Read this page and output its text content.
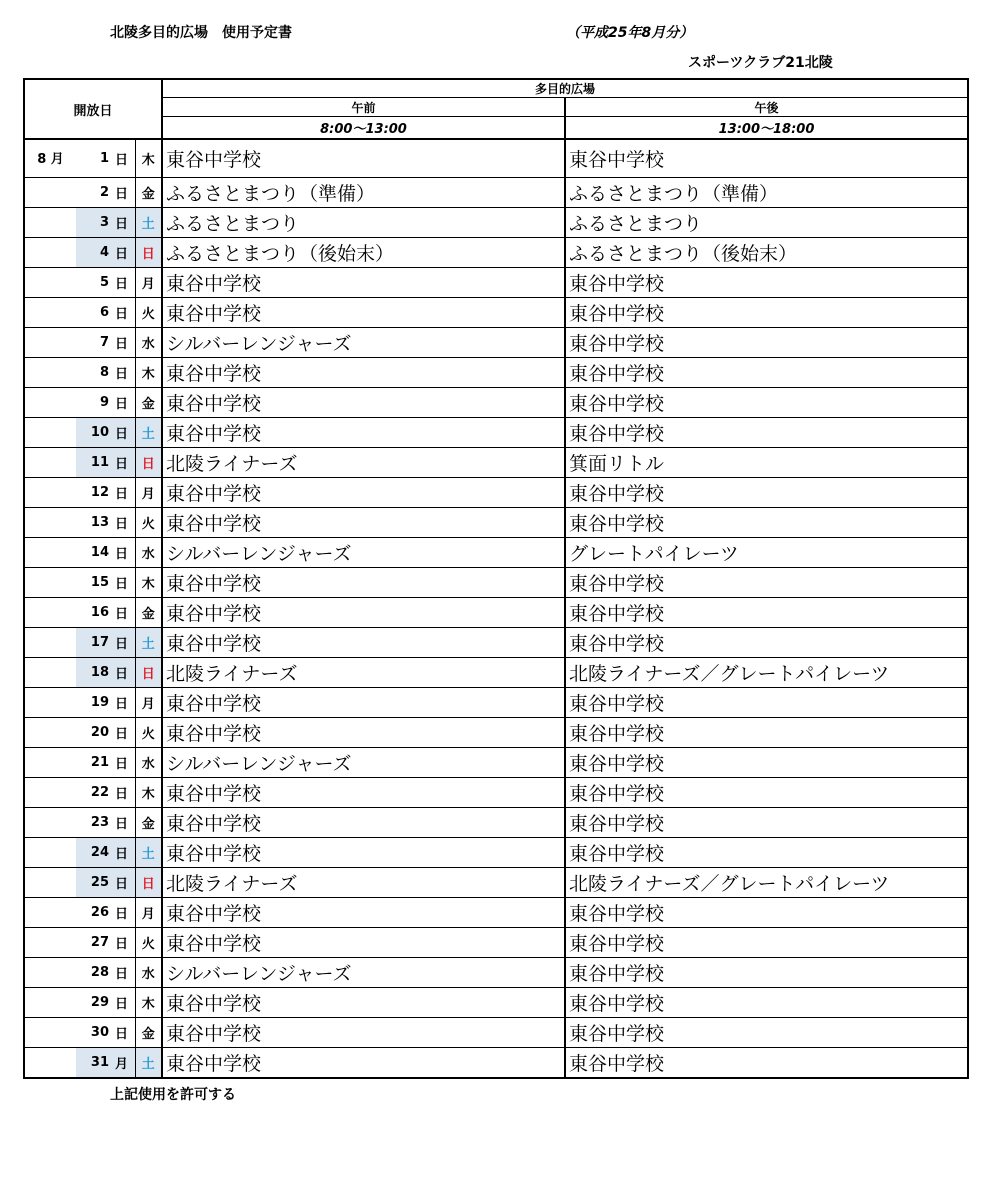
北陵多目的広場　使用予定書	（平成25年8月分）
スポーツクラブ21北陵
開放日				多目的広場	
				午前	午後
				8:00～13:00	13:00～18:00
8 月	1	日	木	東谷中学校	東谷中学校
	2	日	金	ふるさとまつり（準備）	ふるさとまつり（準備）
	3	日	土	ふるさとまつり	ふるさとまつり
	4	日	日	ふるさとまつり（後始末）	ふるさとまつり（後始末）
	5	日	月	東谷中学校	東谷中学校
	6	日	火	東谷中学校	東谷中学校
	7	日	水	シルバーレンジャーズ	東谷中学校
	8	日	木	東谷中学校	東谷中学校
	9	日	金	東谷中学校	東谷中学校
	10	日	土	東谷中学校	東谷中学校
	11	日	日	北陵ライナーズ	箕面リトル
	12	日	月	東谷中学校	東谷中学校
	13	日	火	東谷中学校	東谷中学校
	14	日	水	シルバーレンジャーズ	グレートパイレーツ
	15	日	木	東谷中学校	東谷中学校
	16	日	金	東谷中学校	東谷中学校
	17	日	土	東谷中学校	東谷中学校
	18	日	日	北陵ライナーズ	北陵ライナーズ／グレートパイレーツ
	19	日	月	東谷中学校	東谷中学校
	20	日	火	東谷中学校	東谷中学校
	21	日	水	シルバーレンジャーズ	東谷中学校
	22	日	木	東谷中学校	東谷中学校
	23	日	金	東谷中学校	東谷中学校
	24	日	土	東谷中学校	東谷中学校
	25	日	日	北陵ライナーズ	北陵ライナーズ／グレートパイレーツ
	26	日	月	東谷中学校	東谷中学校
	27	日	火	東谷中学校	東谷中学校
	28	日	水	シルバーレンジャーズ	東谷中学校
	29	日	木	東谷中学校	東谷中学校
	30	日	金	東谷中学校	東谷中学校
	31	月	土	東谷中学校	東谷中学校
上記使用を許可する
